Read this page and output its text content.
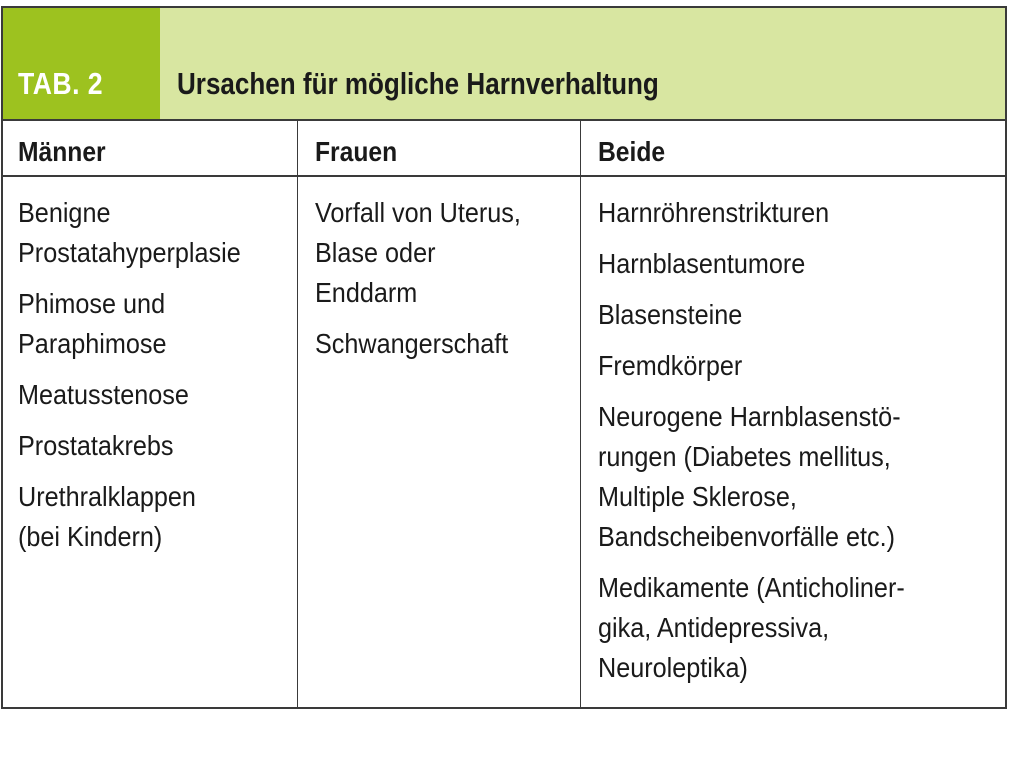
TAB. 2 Ursachen für mögliche Harnverhaltung
Männer	Frauen	Beide
Benigne
Prostatahyperplasie
Phimose und
Paraphimose
Meatusstenose
Prostatakrebs
Urethralklappen
(bei Kindern)
Vorfall von Uterus,
Blase oder
Enddarm
Schwangerschaft
Harnröhrenstrikturen
Harnblasentumore
Blasensteine
Fremdkörper
Neurogene Harnblasenstö-
rungen (Diabetes mellitus,
Multiple Sklerose,
Bandscheibenvorfälle etc.)
Medikamente (Anticholiner-
gika, Antidepressiva,
Neuroleptika)
